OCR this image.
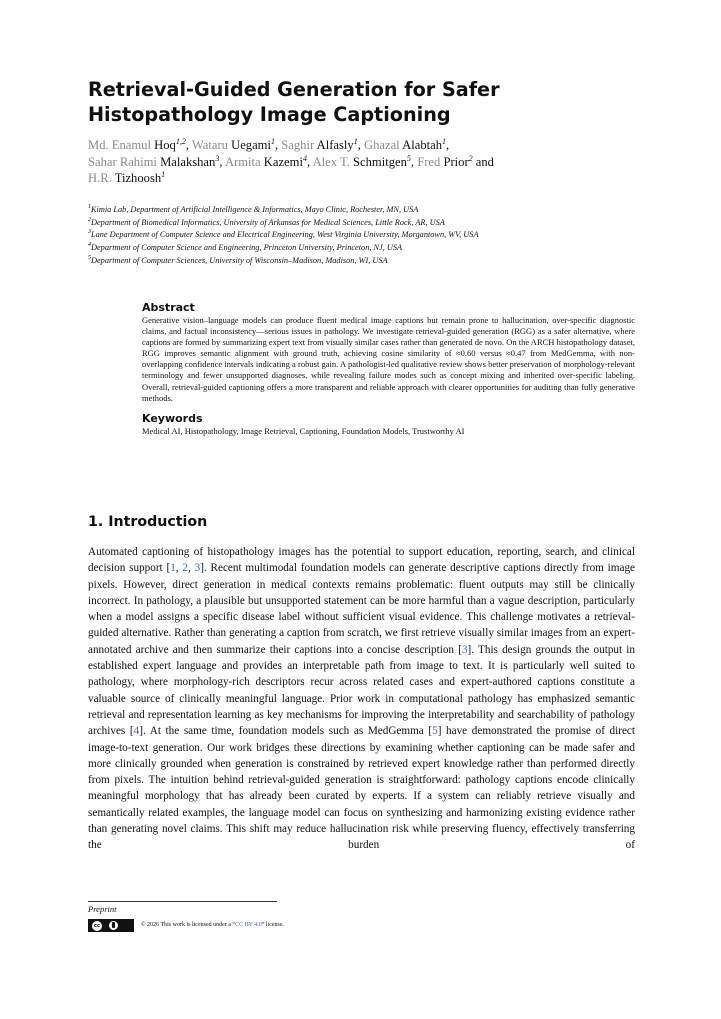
Retrieval-Guided Generation for Safer Histopathology Image Captioning
Md. Enamul Hoq$^{1,2}$, Wataru Uegami$^1$, Saghir Alfasly$^1$, Ghazal Alabtah$^1$,
Sahar Rahimi Malakshan$^3$, Armita Kazemi$^4$, Alex T. Schmitgen$^5$, Fred Prior$^2$ and
H.R. Tizhoosh$^1$
$^1$Kimia Lab, Department of Artificial Intelligence & Informatics, Mayo Clinic, Rochester, MN, USA
$^2$Department of Biomedical Informatics, University of Arkansas for Medical Sciences, Little Rock, AR, USA
$^3$Lane Department of Computer Science and Electrical Engineering, West Virginia University, Morgantown, WV, USA
$^4$Department of Computer Science and Engineering, Princeton University, Princeton, NJ, USA
$^5$Department of Computer Sciences, University of Wisconsin–Madison, Madison, WI, USA
Abstract

Generative vision–language models can produce fluent medical image captions but remain prone to hallucination, over-specific diagnostic claims, and factual inconsistency—serious issues in pathology. We investigate retrieval-guided generation (RGG) as a safer alternative, where captions are formed by summarizing expert text from visually similar cases rather than generated de novo. On the ARCH histopathology dataset, RGG improves semantic alignment with ground truth, achieving cosine similarity of ≈0.60 versus ≈0.47 from MedGemma, with non-overlapping confidence intervals indicating a robust gain. A pathologist-led qualitative review shows better preservation of morphology-relevant terminology and fewer unsupported diagnoses, while revealing failure modes such as concept mixing and inherited over-specific labeling. Overall, retrieval-guided captioning offers a more transparent and reliable approach with clearer opportunities for auditing than fully generative methods.

Keywords

Medical AI, Histopathology, Image Retrieval, Captioning, Foundation Models, Trustworthy AI

1. Introduction

Automated captioning of histopathology images has the potential to support education, reporting, search, and clinical decision support [1, 2, 3]. Recent multimodal foundation models can generate descriptive captions directly from image pixels. However, direct generation in medical contexts remains problematic: fluent outputs may still be clinically incorrect. In pathology, a plausible but unsupported statement can be more harmful than a vague description, particularly when a model assigns a specific disease label without sufficient visual evidence. This challenge motivates a retrieval-guided alternative. Rather than generating a caption from scratch, we first retrieve visually similar images from an expert-annotated archive and then summarize their captions into a concise description [3]. This design grounds the output in established expert language and provides an interpretable path from image to text. It is particularly well suited to pathology, where morphology-rich descriptors recur across related cases and expert-authored captions constitute a valuable source of clinically meaningful language. Prior work in computational pathology has emphasized semantic retrieval and representation learning as key mechanisms for improving the interpretability and searchability of pathology archives [4]. At the same time, foundation models such as MedGemma [5] have demonstrated the promise of direct image-to-text generation. Our work bridges these directions by examining whether captioning can be made safer and more clinically grounded when generation is constrained by retrieved expert knowledge rather than performed directly from pixels. The intuition behind retrieval-guided generation is straightforward: pathology captions encode clinically meaningful morphology that has already been curated by experts. If a system can reliably retrieve visually and semantically related examples, the language model can focus on synthesizing and harmonizing existing evidence rather than generating novel claims. This shift may reduce hallucination risk while preserving fluency, effectively transferring the burden of

Preprint
cc	© 2026 This work is licensed under a “CC BY 4.0” license.
